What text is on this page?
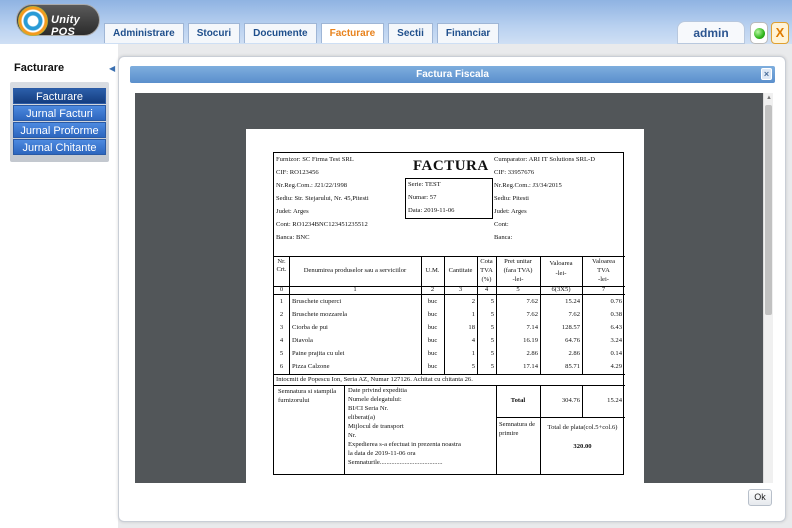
Unity POS	Administrare	Stocuri	Documente	Facturare	Sectii	Financiar	admin	X
Facturare	◀
Facturare
Jurnal Facturi
Jurnal Proforme
Jurnal Chitante
Factura Fiscala	×
▲
Ok
Furnizor: SC Firma Test SRL
CIF: RO123456
Nr.Reg.Com.: J21/22/1998
Sediu: Str. Stejarului, Nr. 45,Pitesti
Judet: Arges
Cont: RO1234BNC123451235512
Banca: BNC
FACTURA
Serie: TEST
Numar: 57
Data: 2019-11-06
Cumparator: ARI IT Solutions SRL-D
CIF: 33957676
Nr.Reg.Com.: J3/34/2015
Sediu: Pitesti
Judet: Arges
Cont:
Banca:
Nr.
Crt.	Denumirea produselor sau a serviciilor	U.M.	Cantitate
Cota
TVA
(%)
Pret unitar
(fara TVA)
-lei-
Valoarea
-lei-
Valoarea
TVA
-lei-
0	1	2	3	4	5	6(3X5)	7
1	Bruschete ciuperci	buc	2	5	7.62	15.24	0.76
2	Bruschete mozzarela	buc	1	5	7.62	7.62	0.38
3	Ciorba de pui	buc	18	5	7.14	128.57	6.43
4	Diavola	buc	4	5	16.19	64.76	3.24
5	Paine prajita cu ulei	buc	1	5	2.86	2.86	0.14
6	Pizza Calzone	buc	5	5	17.14	85.71	4.29
Intocmit de Popescu Ion, Seria AZ, Numar 127126. Achitat cu chitanta 26.
Semnatura si stampila
furnizorului
Date privind expeditia
Numele delegatului:
BI/CI Seria Nr.
eliberat(a)
Mijlocul de transport
Nr.
Expedierea s-a efectuat in prezenta noastra
la data de 2019-11-06 ora
Semnaturile......................................
Total	304.76	15.24
Semnatura de
primire
Total de plata(col.5+col.6)
320.00
